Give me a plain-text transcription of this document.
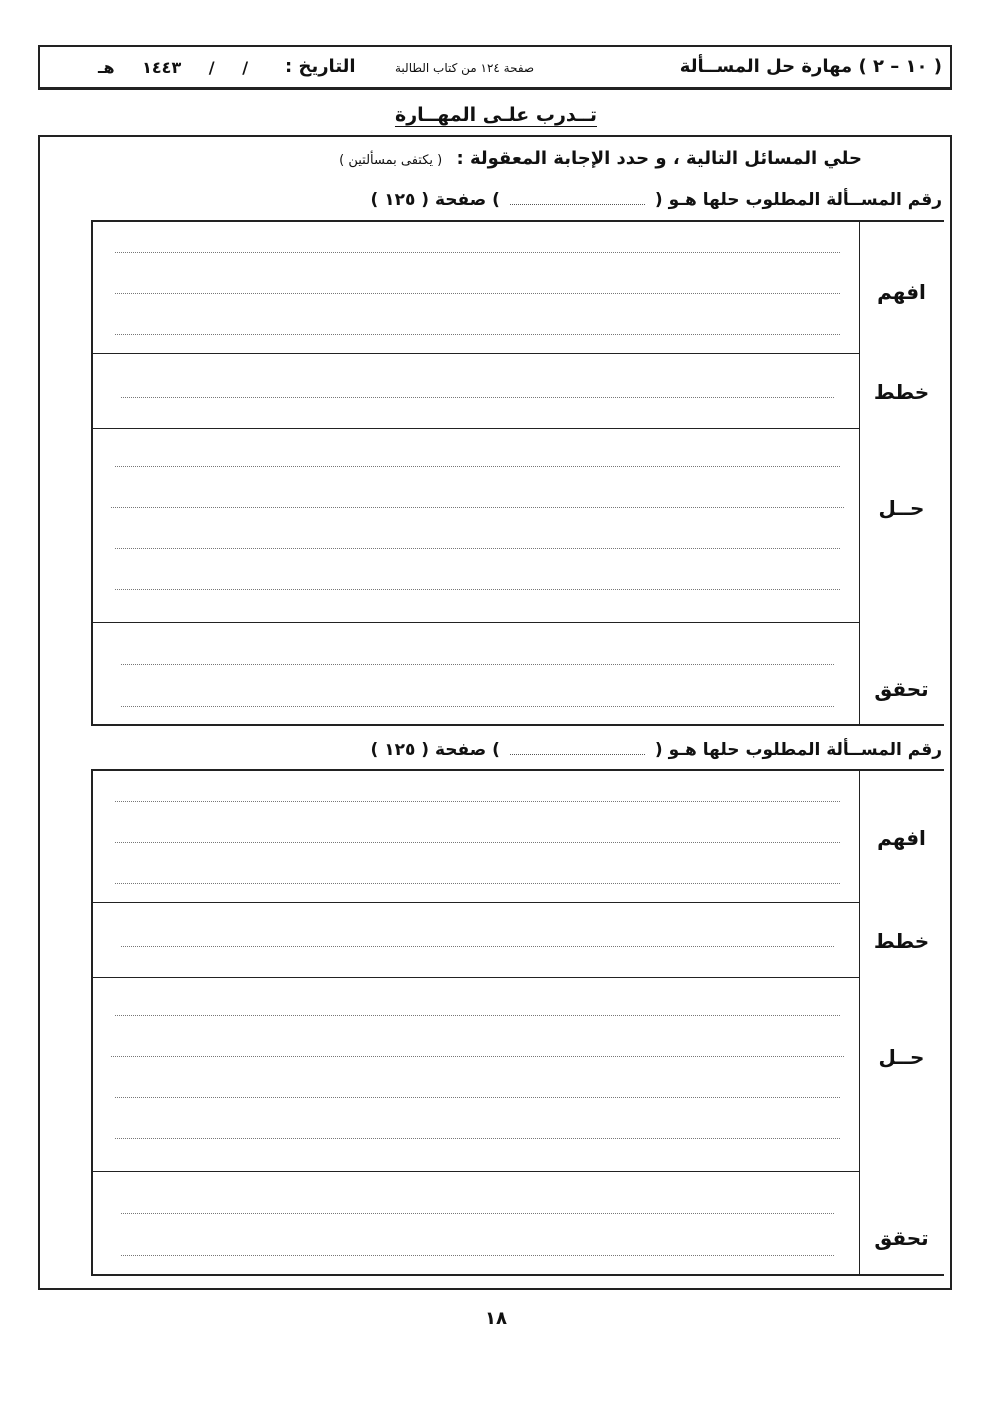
( ١٠ – ٢ ) مهارة حل المســألة
صفحة ١٢٤ من كتاب الطالبة
التاريخ :
/ / ١٤٤٣ هـ
تــدرب علـى المهــارة
حلي المسائل التالية ، و حدد الإجابة المعقولة : ( يكتفى بمسألتين )
رقم المســألة المطلوب حلها هـو () صفحة ( ١٢٥ )
افهم
خطط
حــل
تحقق
رقم المســألة المطلوب حلها هـو () صفحة ( ١٢٥ )
افهم
خطط
حــل
تحقق
١٨
